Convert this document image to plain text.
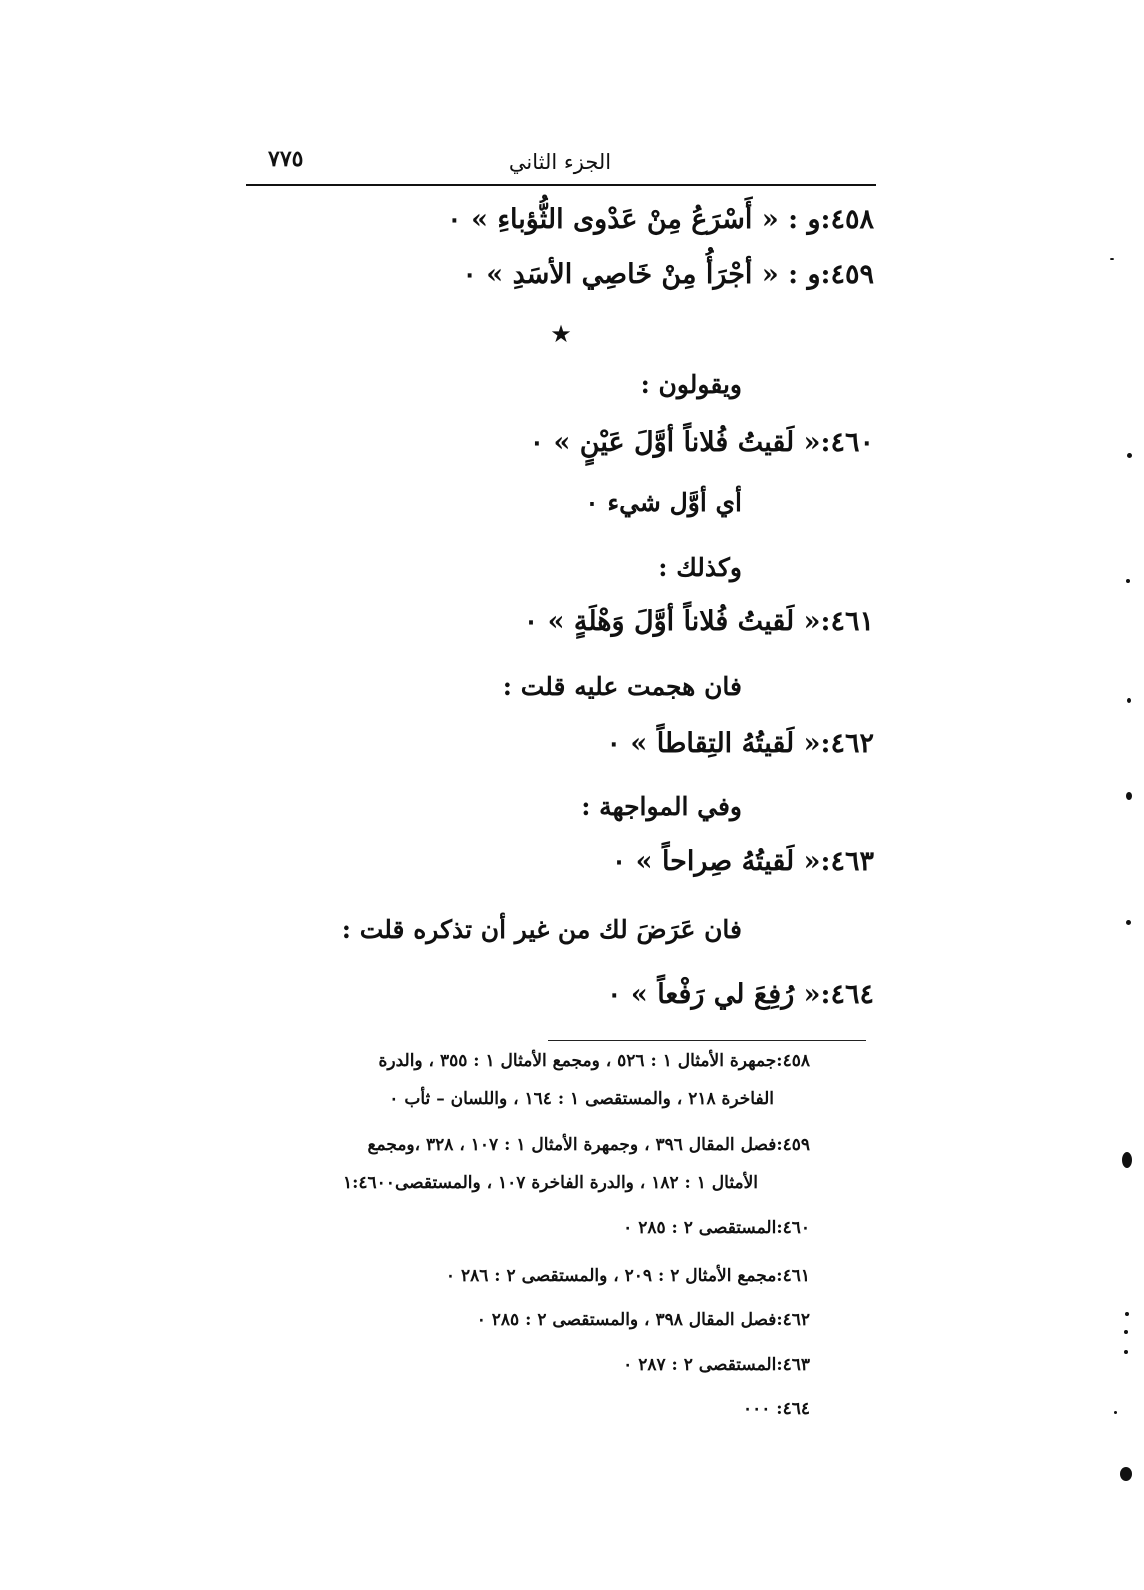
الجزء الثاني
٧٧٥
٤٥٨:و : « أَسْرَعُ مِنْ عَدْوى الثُّؤباءِ » ٠
٤٥٩:و : « أجْرَأُ مِنْ خَاصِي الأسَدِ » ٠
★
ويقولون :
٤٦٠:« لَقيتُ فُلاناً أوَّلَ عَيْنٍ » ٠
أي أوَّل شيء ٠
وكذلك :
٤٦١:« لَقيتُ فُلاناً أوَّلَ وَهْلَةٍ » ٠
فان هجمت عليه قلت :
٤٦٢:« لَقيتُهُ التِقاطاً » ٠
وفي المواجهة :
٤٦٣:« لَقيتُهُ صِراحاً » ٠
فان عَرَضَ لك من غير أن تذكره قلت :
٤٦٤:« رُفِعَ لي رَفْعاً » ٠
٤٥٨:جمهرة الأمثال ١ : ٥٢٦ ، ومجمع الأمثال ١ : ٣٥٥ ، والدرة
الفاخرة ٢١٨ ، والمستقصى ١ : ١٦٤ ، واللسان – ثأب ٠
٤٥٩:فصل المقال ٣٩٦ ، وجمهرة الأمثال ١ : ١٠٧ ، ٣٢٨ ،ومجمع
الأمثال ١ : ١٨٢ ، والدرة الفاخرة ١٠٧ ، والمستقصى١:٤٦٠٠
٤٦٠:المستقصى ٢ : ٢٨٥ ٠
٤٦١:مجمع الأمثال ٢ : ٢٠٩ ، والمستقصى ٢ : ٢٨٦ ٠
٤٦٢:فصل المقال ٣٩٨ ، والمستقصى ٢ : ٢٨٥ ٠
٤٦٣:المستقصى ٢ : ٢٨٧ ٠
٤٦٤: ٠٠٠
